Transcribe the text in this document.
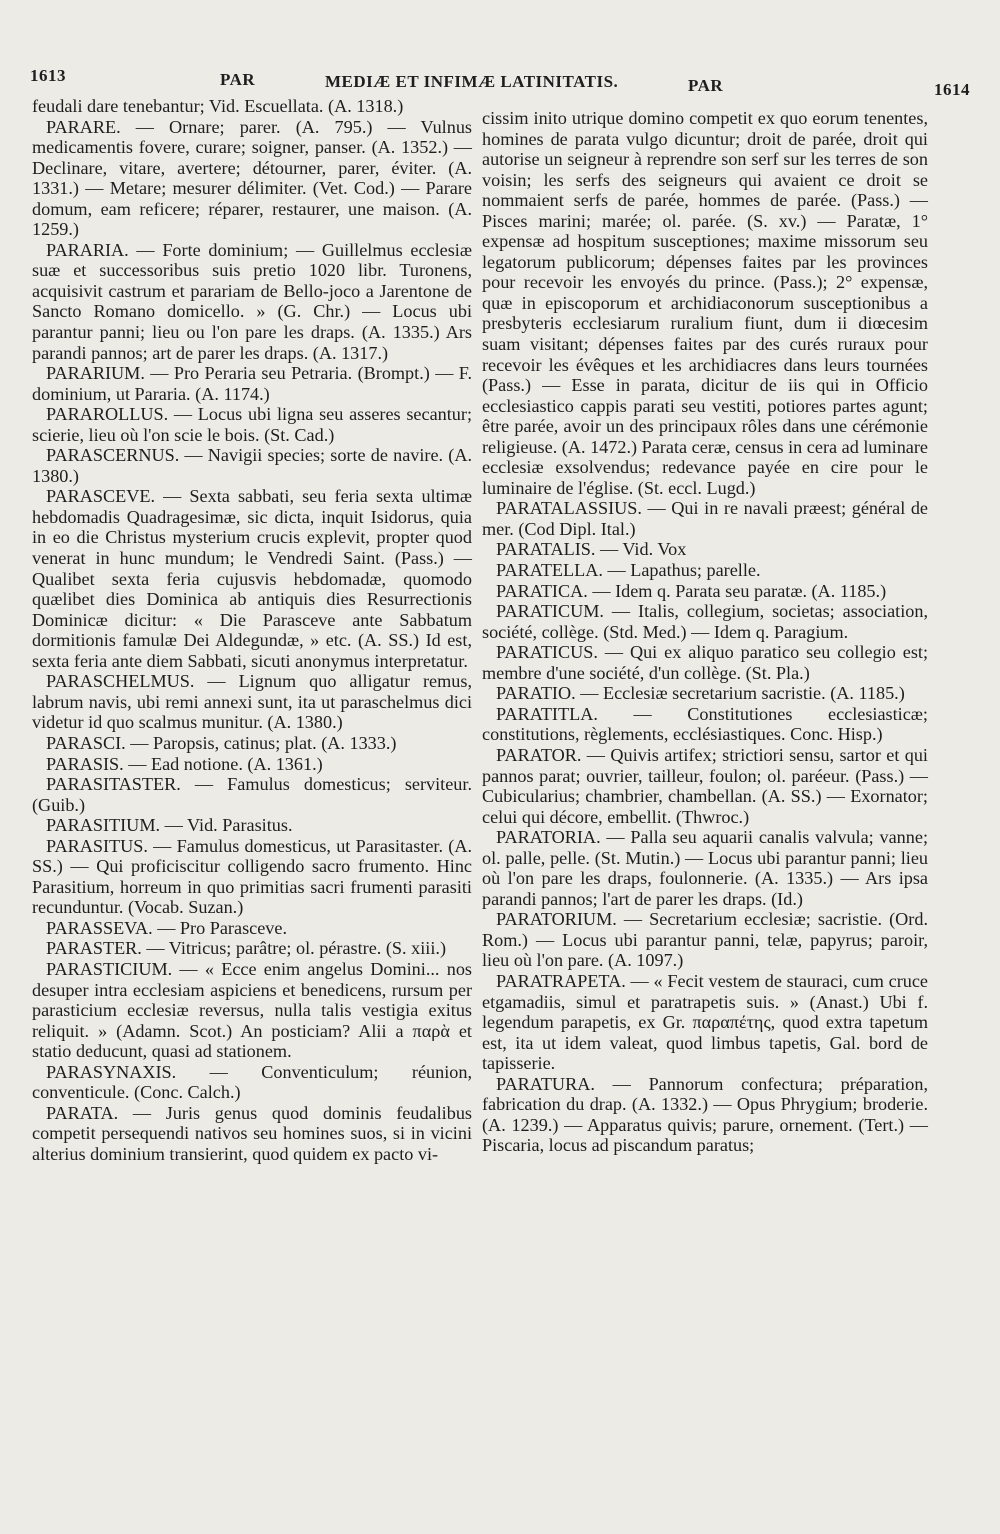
1613	PAR	MEDIÆ ET INFIMÆ LATINITATIS.	PAR	1614

feudali dare tenebantur; Vid. Escuellata. (A. 1318.)

PARARE. — Ornare; parer. (A. 795.) — Vulnus medicamentis fovere, curare; soigner, panser. (A. 1352.) — Declinare, vitare, avertere; détourner, parer, éviter. (A. 1331.) — Metare; mesurer délimiter. (Vet. Cod.) — Parare domum, eam reficere; réparer, restaurer, une maison. (A. 1259.)

PARARIA. — Forte dominium; — Guillelmus ecclesiæ suæ et successoribus suis pretio 1020 libr. Turonens, acquisivit castrum et parariam de Bello-joco a Jarentone de Sancto Romano domicello. » (G. Chr.) — Locus ubi parantur panni; lieu ou l'on pare les draps. (A. 1335.) Ars parandi pannos; art de parer les draps. (A. 1317.)

PARARIUM. — Pro Peraria seu Petraria. (Brompt.) — F. dominium, ut Pararia. (A. 1174.)

PARAROLLUS. — Locus ubi ligna seu asseres secantur; scierie, lieu où l'on scie le bois. (St. Cad.)

PARASCERNUS. — Navigii species; sorte de navire. (A. 1380.)

PARASCEVE. — Sexta sabbati, seu feria sexta ultimæ hebdomadis Quadragesimæ, sic dicta, inquit Isidorus, quia in eo die Christus mysterium crucis explevit, propter quod venerat in hunc mundum; le Vendredi Saint. (Pass.) — Qualibet sexta feria cujusvis hebdomadæ, quomodo quælibet dies Dominica ab antiquis dies Resurrectionis Dominicæ dicitur: « Die Parasceve ante Sabbatum dormitionis famulæ Dei Aldegundæ, » etc. (A. SS.) Id est, sexta feria ante diem Sabbati, sicuti anonymus interpretatur.

PARASCHELMUS. — Lignum quo alligatur remus, labrum navis, ubi remi annexi sunt, ita ut paraschelmus dici videtur id quo scalmus munitur. (A. 1380.)

PARASCI. — Paropsis, catinus; plat. (A. 1333.)

PARASIS. — Ead notione. (A. 1361.)

PARASITASTER. — Famulus domesticus; serviteur. (Guib.)

PARASITIUM. — Vid. Parasitus.

PARASITUS. — Famulus domesticus, ut Parasitaster. (A. SS.) — Qui proficiscitur colligendo sacro frumento. Hinc Parasitium, horreum in quo primitias sacri frumenti parasiti recunduntur. (Vocab. Suzan.)

PARASSEVA. — Pro Parasceve.

PARASTER. — Vitricus; parâtre; ol. pérastre. (S. xiii.)

PARASTICIUM. — « Ecce enim angelus Domini... nos desuper intra ecclesiam aspiciens et benedicens, rursum per parasticium ecclesiæ reversus, nulla talis vestigia exitus reliquit. » (Adamn. Scot.) An posticiam? Alii a παρὰ et statio deducunt, quasi ad stationem.

PARASYNAXIS. — Conventiculum; réunion, conventicule. (Conc. Calch.)

PARATA. — Juris genus quod dominis feudalibus competit persequendi nativos seu homines suos, si in vicini alterius dominium transierint, quod quidem ex pacto vi-

cissim inito utrique domino competit ex quo eorum tenentes, homines de parata vulgo dicuntur; droit de parée, droit qui autorise un seigneur à reprendre son serf sur les terres de son voisin; les serfs des seigneurs qui avaient ce droit se nommaient serfs de parée, hommes de parée. (Pass.) — Pisces marini; marée; ol. parée. (S. xv.) — Paratæ, 1° expensæ ad hospitum susceptiones; maxime missorum seu legatorum publicorum; dépenses faites par les provinces pour recevoir les envoyés du prince. (Pass.); 2° expensæ, quæ in episcoporum et archidiaconorum susceptionibus a presbyteris ecclesiarum ruralium fiunt, dum ii diœcesim suam visitant; dépenses faites par des curés ruraux pour recevoir les évêques et les archidiacres dans leurs tournées (Pass.) — Esse in parata, dicitur de iis qui in Officio ecclesiastico cappis parati seu vestiti, potiores partes agunt; être parée, avoir un des principaux rôles dans une cérémonie religieuse. (A. 1472.) Parata ceræ, census in cera ad luminare ecclesiæ exsolvendus; redevance payée en cire pour le luminaire de l'église. (St. eccl. Lugd.)

PARATALASSIUS. — Qui in re navali præest; général de mer. (Cod Dipl. Ital.)

PARATALIS. — Vid. Vox

PARATELLA. — Lapathus; parelle.

PARATICA. — Idem q. Parata seu paratæ. (A. 1185.)

PARATICUM. — Italis, collegium, societas; association, société, collège. (Std. Med.) — Idem q. Paragium.

PARATICUS. — Qui ex aliquo paratico seu collegio est; membre d'une société, d'un collège. (St. Pla.)

PARATIO. — Ecclesiæ secretarium sacristie. (A. 1185.)

PARATITLA. — Constitutiones ecclesiasticæ; constitutions, règlements, ecclésiastiques. Conc. Hisp.)

PARATOR. — Quivis artifex; strictiori sensu, sartor et qui pannos parat; ouvrier, tailleur, foulon; ol. paréeur. (Pass.) — Cubicularius; chambrier, chambellan. (A. SS.) — Exornator; celui qui décore, embellit. (Thwroc.)

PARATORIA. — Palla seu aquarii canalis valvula; vanne; ol. palle, pelle. (St. Mutin.) — Locus ubi parantur panni; lieu où l'on pare les draps, foulonnerie. (A. 1335.) — Ars ipsa parandi pannos; l'art de parer les draps. (Id.)

PARATORIUM. — Secretarium ecclesiæ; sacristie. (Ord. Rom.) — Locus ubi parantur panni, telæ, papyrus; paroir, lieu où l'on pare. (A. 1097.)

PARATRAPETA. — « Fecit vestem de stauraci, cum cruce etgamadiis, simul et paratrapetis suis. » (Anast.) Ubi f. legendum parapetis, ex Gr. παραπέτης, quod extra tapetum est, ita ut idem valeat, quod limbus tapetis, Gal. bord de tapisserie.

PARATURA. — Pannorum confectura; préparation, fabrication du drap. (A. 1332.) — Opus Phrygium; broderie. (A. 1239.) — Apparatus quivis; parure, ornement. (Tert.) — Piscaria, locus ad piscandum paratus;
